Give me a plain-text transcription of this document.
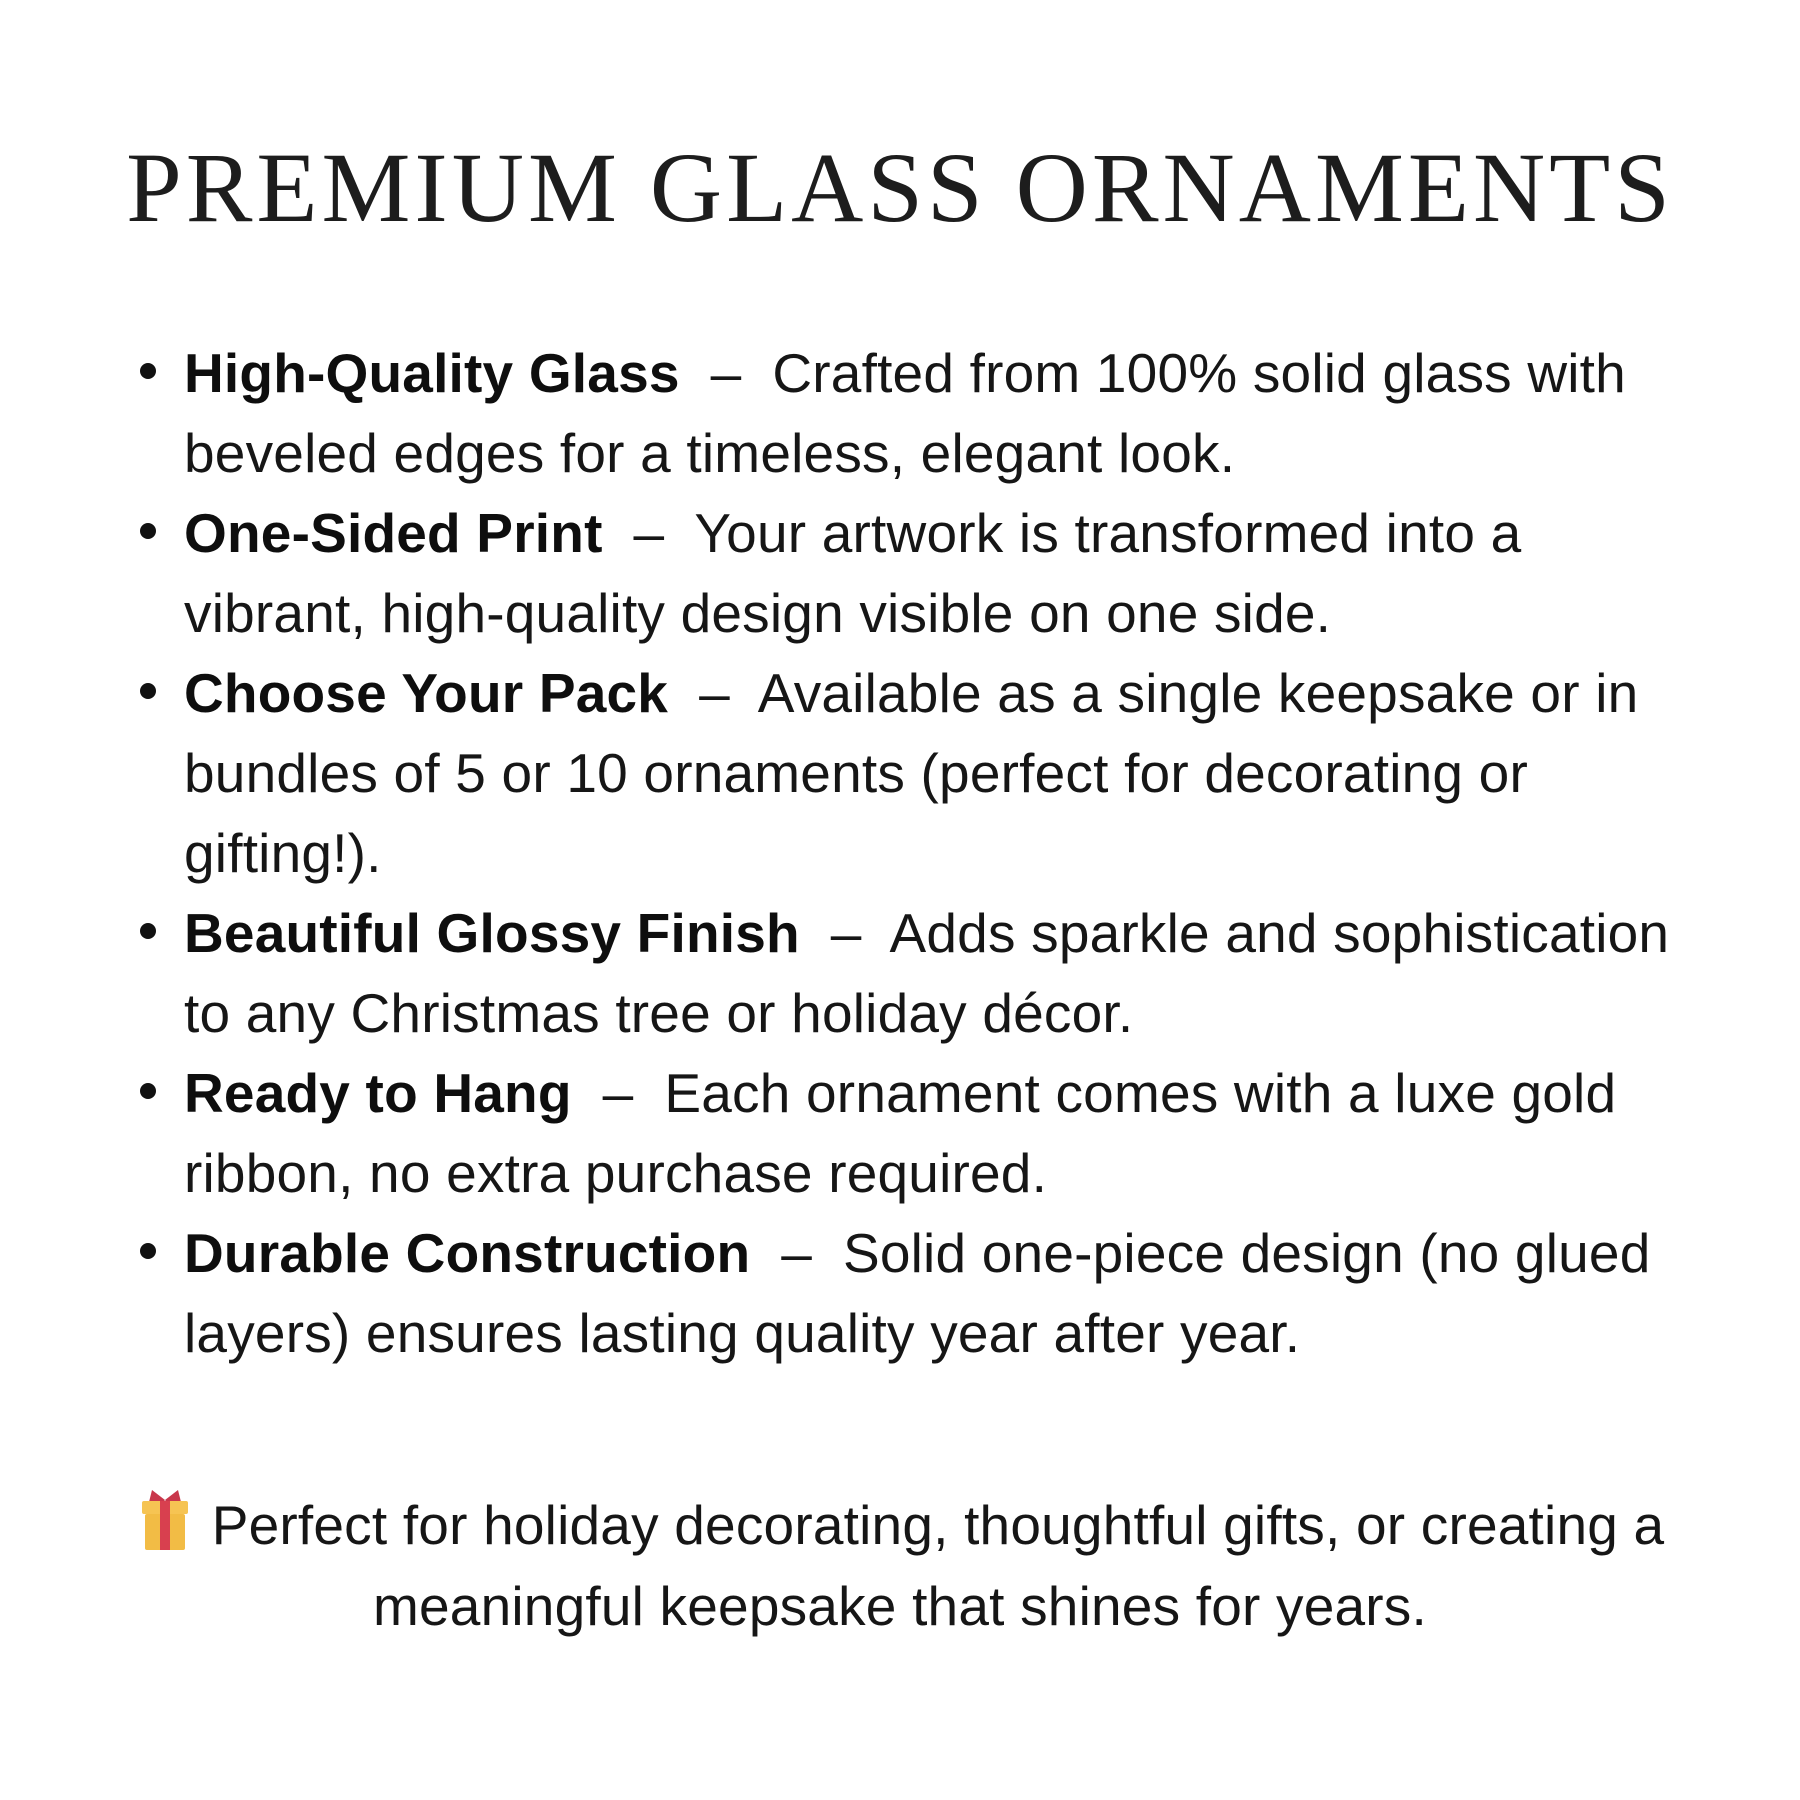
PREMIUM GLASS ORNAMENTS
High-Quality Glass  –  Crafted from 100% solid glass with beveled edges for a timeless, elegant look.
One-Sided Print  –  Your artwork is transformed into a vibrant, high-quality design visible on one side.
Choose Your Pack  –  Available as a single keepsake or in bundles of 5 or 10 ornaments (perfect for decorating or gifting!).
Beautiful Glossy Finish  –  Adds sparkle and sophistication to any Christmas tree or holiday décor.
Ready to Hang  –  Each ornament comes with a luxe gold ribbon, no extra purchase required.
Durable Construction  –  Solid one-piece design (no glued layers) ensures lasting quality year after year.

Perfect for holiday decorating, thoughtful gifts, or creating a meaningful keepsake that shines for years.
